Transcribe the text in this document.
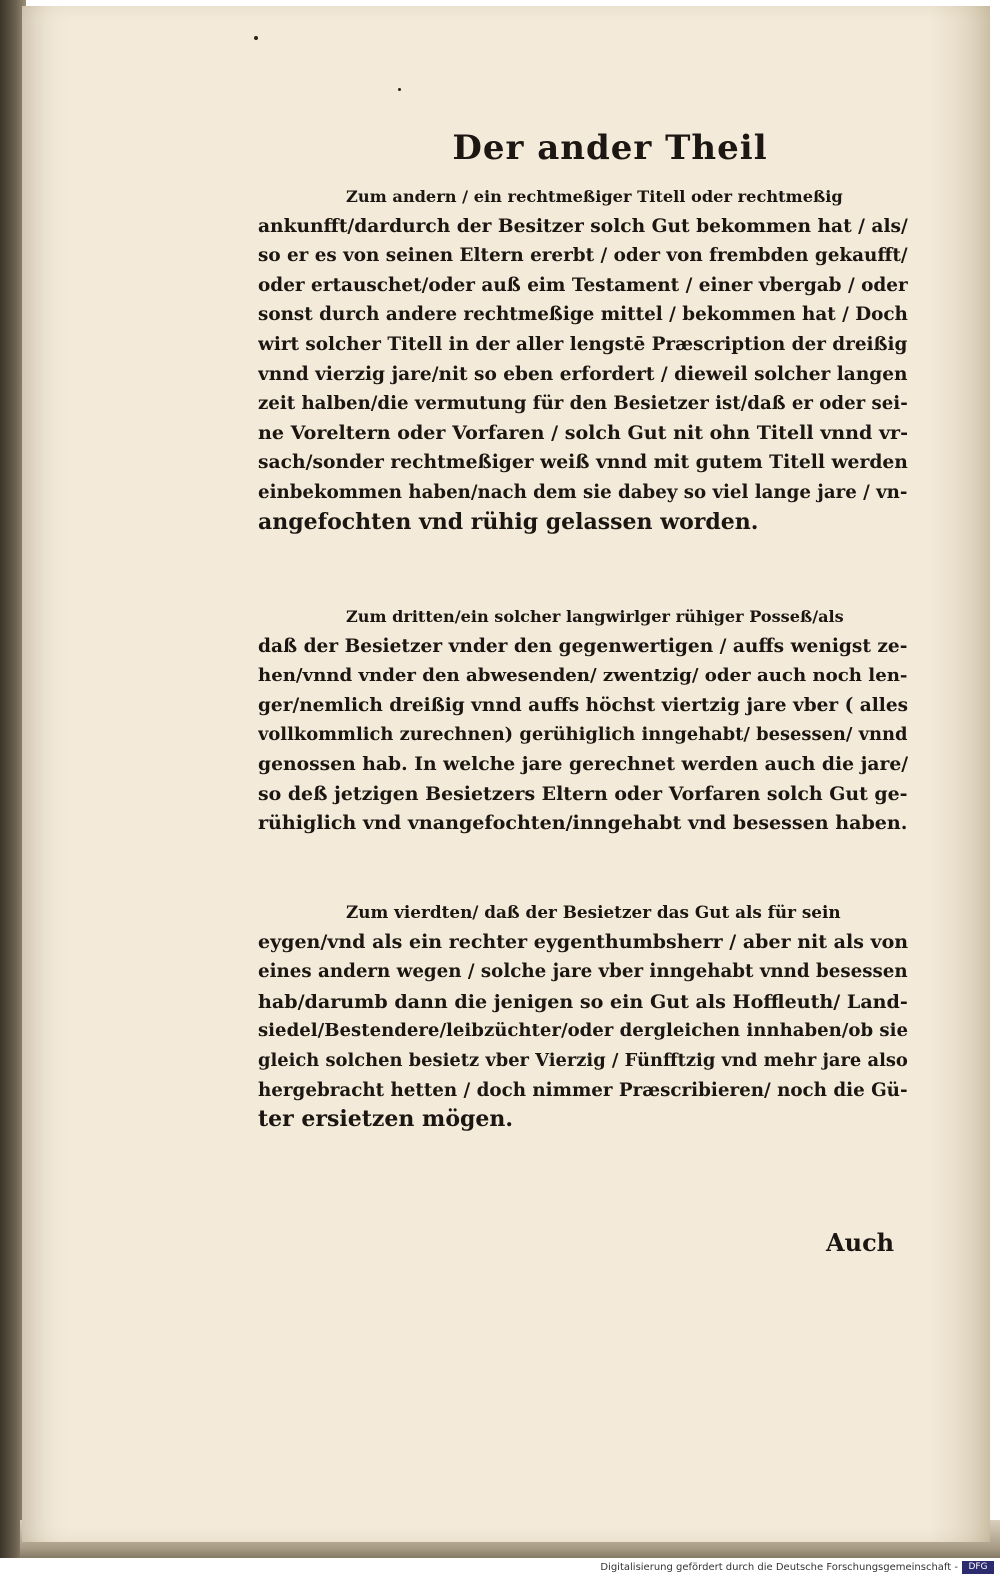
Der ander Theil
Zum andern / ein rechtmeßiger Titell oder rechtmeßig
ankunfft/dardurch der Besitzer solch Gut bekommen hat / als/
so er es von seinen Eltern ererbt / oder von frembden gekaufft/
oder ertauschet/oder auß eim Testament / einer vbergab / oder
sonst durch andere rechtmeßige mittel / bekommen hat / Doch
wirt solcher Titell in der aller lengstē Præscription der dreißig
vnnd vierzig jare/nit so eben erfordert / dieweil solcher langen
zeit halben/die vermutung für den Besietzer ist/daß er oder sei-
ne Voreltern oder Vorfaren / solch Gut nit ohn Titell vnnd vr-
sach/sonder rechtmeßiger weiß vnnd mit gutem Titell werden
einbekommen haben/nach dem sie dabey so viel lange jare / vn-
angefochten vnd rühig gelassen worden.
Zum dritten/ein solcher langwirlger rühiger Posseß/als
daß der Besietzer vnder den gegenwertigen / auffs wenigst ze-
hen/vnnd vnder den abwesenden/ zwentzig/ oder auch noch len-
ger/nemlich dreißig vnnd auffs höchst viertzig jare vber ( alles
vollkommlich zurechnen) gerühiglich inngehabt/ besessen/ vnnd
genossen hab. In welche jare gerechnet werden auch die jare/
so deß jetzigen Besietzers Eltern oder Vorfaren solch Gut ge-
rühiglich vnd vnangefochten/inngehabt vnd besessen haben.
Zum vierdten/ daß der Besietzer das Gut als für sein
eygen/vnd als ein rechter eygenthumbsherr / aber nit als von
eines andern wegen / solche jare vber inngehabt vnnd besessen
hab/darumb dann die jenigen so ein Gut als Hoffleuth/ Land-
siedel/Bestendere/leibzüchter/oder dergleichen innhaben/ob sie
gleich solchen besietz vber Vierzig / Fünfftzig vnd mehr jare also
hergebracht hetten / doch nimmer Præscribieren/ noch die Gü-
ter ersietzen mögen.
Auch
Digitalisierung gefördert durch die Deutsche Forschungsgemeinschaft -	DFG
